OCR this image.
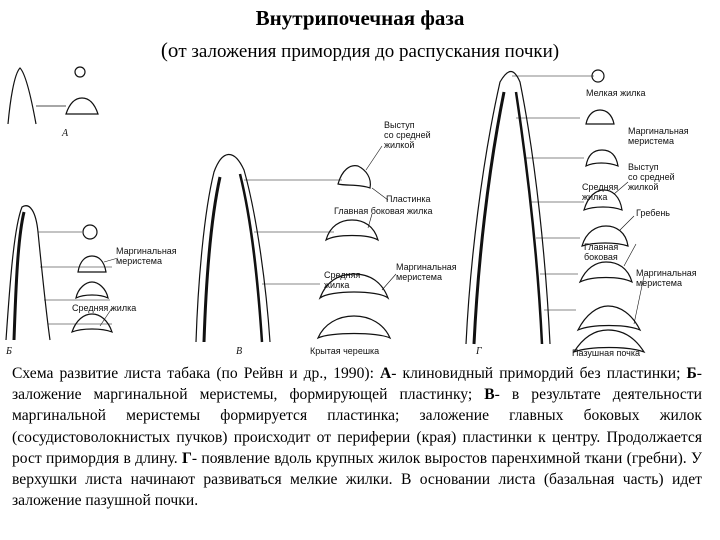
Внутрипочечная фаза
(от заложения примордия до распускания почки)
А
Б	В	Г
Маргинальная меристема
Средняя жилка
Выступ со средней жилкой
Пластинка
Главная боковая жилка
Средняя жилка
Маргинальная меристема
Крытая черешка
Мелкая жилка
Маргинальная меристема
Выступ со средней жилкой
Средняя жилка
Гребень
Главная боковая
Маргинальная меристема
Пазушная почка
Схема развитие листа табака (по Рейвн и др., 1990): А- клиновидный примордий без пластинки; Б- заложение маргинальной меристемы, формирующей пластинку; В- в результате деятельности маргинальной меристемы формируется пластинка; заложение главных боковых жилок (сосудистоволокнистых пучков) происходит от периферии (края) пластинки к центру. Продолжается рост примордия в длину. Г- появление вдоль крупных жилок выростов паренхимной ткани (гребни). У верхушки листа начинают развиваться мелкие жилки. В основании листа (базальная часть) идет заложение пазушной почки.
